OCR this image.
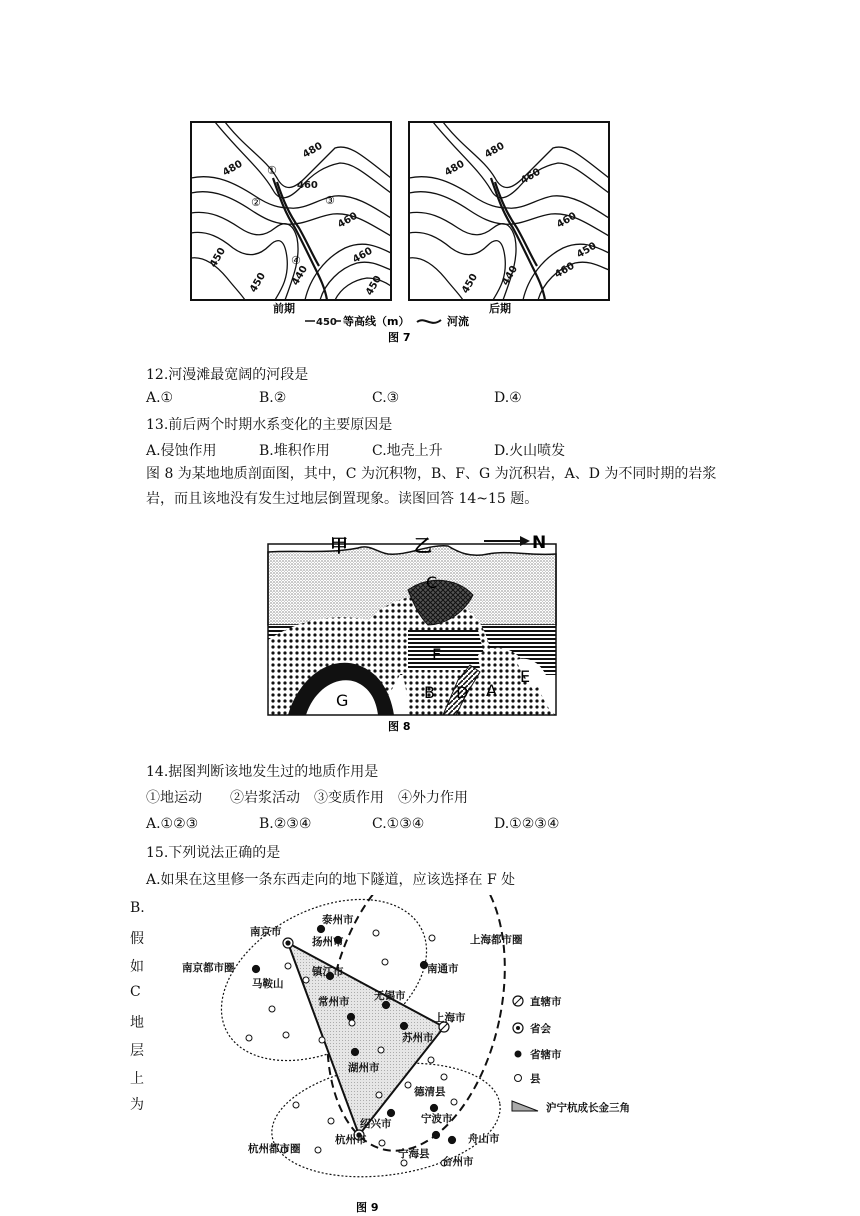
480
480
460
460
450	460
450 440	450
①
②	③
④
前期
480
480
460
460
460
450
440
450
后期
450 等高线（m）	河流
图 7
12.河漫滩最宽阔的河段是
A.①	B.②	C.③	D.④
13.前后两个时期水系变化的主要原因是
A.侵蚀作用	B.堆积作用	C.地壳上升	D.火山喷发
图 8 为某地地质剖面图，其中，C 为沉积物，B、F、G 为沉积岩，A、D 为不同时期的岩浆
岩，而且该地没有发生过地层倒置现象。读图回答 14~15 题。
甲	乙	N
C
F
G	B D A
E
图 8
14.据图判断该地发生过的地质作用是
①地运动　　②岩浆活动　③变质作用　④外力作用
A.①②③	B.②③④	C.①③④	D.①②③④
15.下列说法正确的是
A.如果在这里修一条东西走向的地下隧道，应该选择在 F 处
B.
假
如
C
地
层
上
为
南京市
泰州市
扬州市
镇江市
马鞍山
常州市 无锡市
南通市
苏州市
上海市
湖州市
德清县
绍兴市	宁波市
舟山市
杭州市
宁海县
台州市
南京都市圈
上海都市圈
杭州都市圈
直辖市
省会
省辖市
县
沪宁杭成长金三角
图 9
